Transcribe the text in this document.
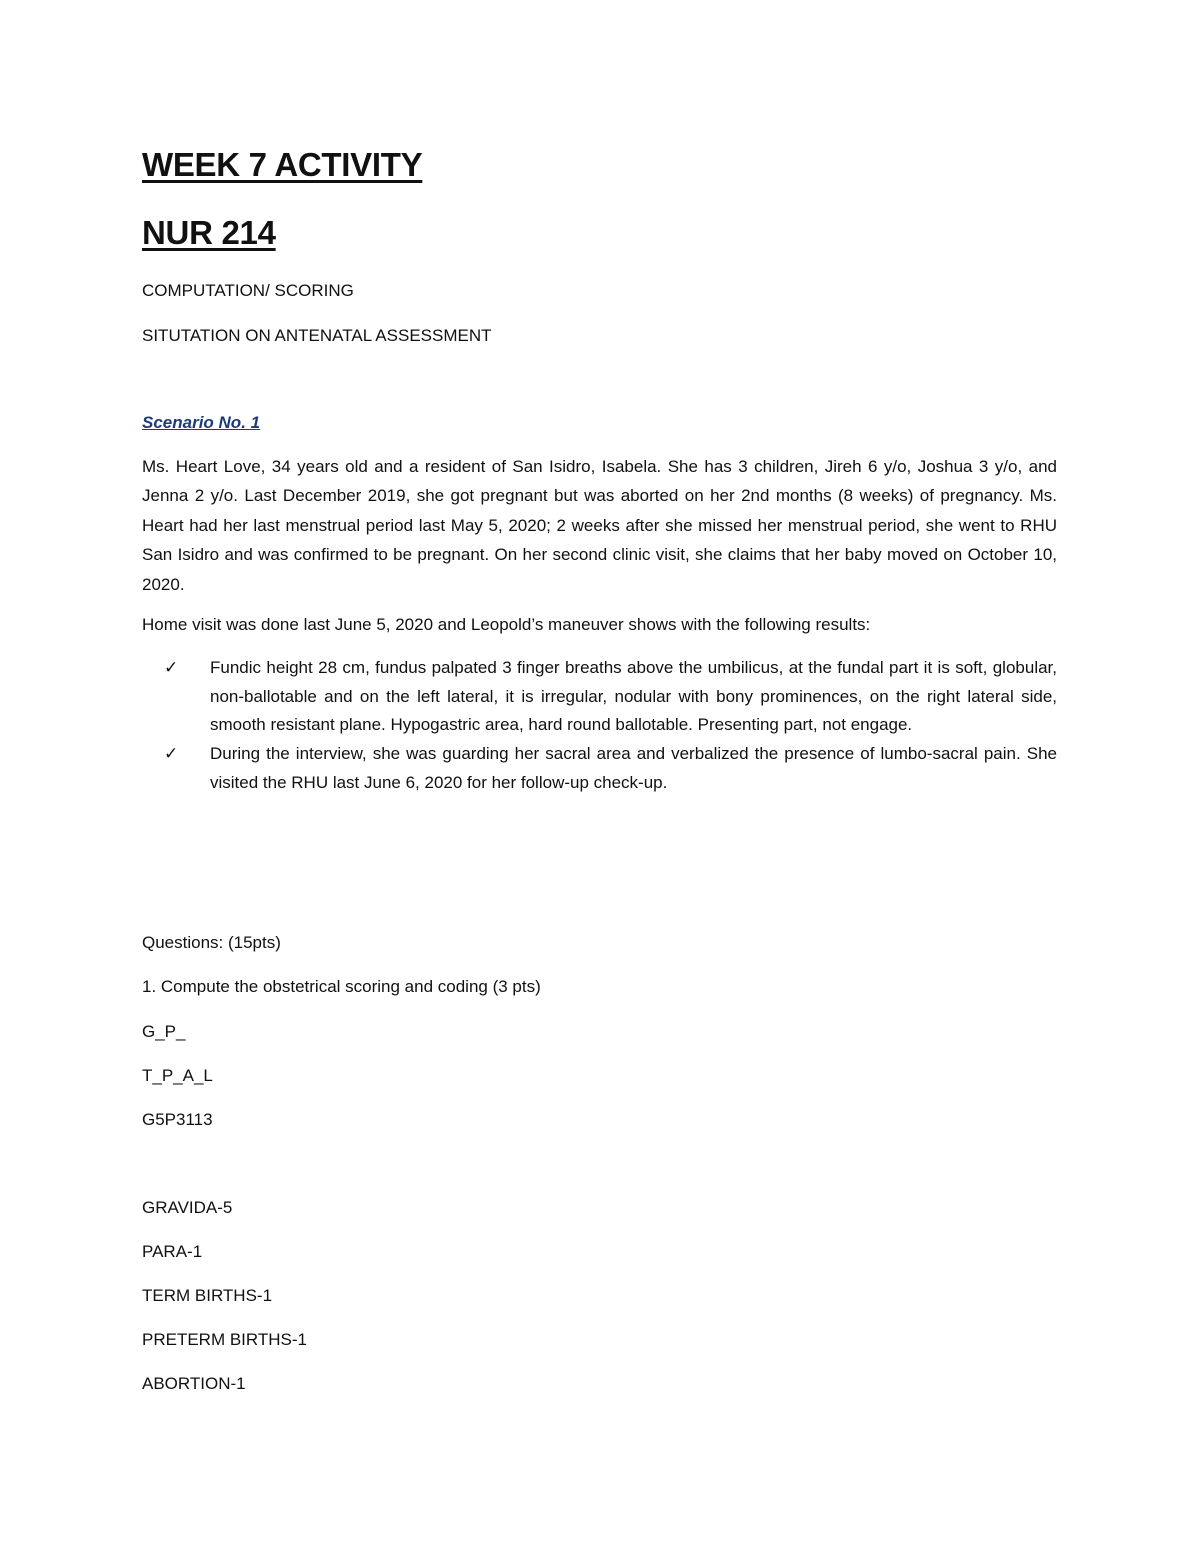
WEEK 7 ACTIVITY
NUR 214
COMPUTATION/ SCORING
SITUTATION ON ANTENATAL ASSESSMENT
Scenario No. 1
Ms. Heart Love, 34 years old and a resident of San Isidro, Isabela. She has 3 children, Jireh 6 y/o, Joshua 3 y/o, and Jenna 2 y/o. Last December 2019, she got pregnant but was aborted on her 2nd months (8 weeks) of pregnancy. Ms. Heart had her last menstrual period last May 5, 2020; 2 weeks after she missed her menstrual period, she went to RHU San Isidro and was confirmed to be pregnant. On her second clinic visit, she claims that her baby moved on October 10, 2020.
Home visit was done last June 5, 2020 and Leopold’s maneuver shows with the following results:
✓ Fundic height 28 cm, fundus palpated 3 finger breaths above the umbilicus, at the fundal part it is soft, globular, non-ballotable and on the left lateral, it is irregular, nodular with bony prominences, on the right lateral side, smooth resistant plane. Hypogastric area, hard round ballotable. Presenting part, not engage.
✓ During the interview, she was guarding her sacral area and verbalized the presence of lumbo-sacral pain. She visited the RHU last June 6, 2020 for her follow-up check-up.
Questions: (15pts)
1. Compute the obstetrical scoring and coding (3 pts)
G_P_
T_P_A_L
G5P3113
GRAVIDA-5
PARA-1
TERM BIRTHS-1
PRETERM BIRTHS-1
ABORTION-1
